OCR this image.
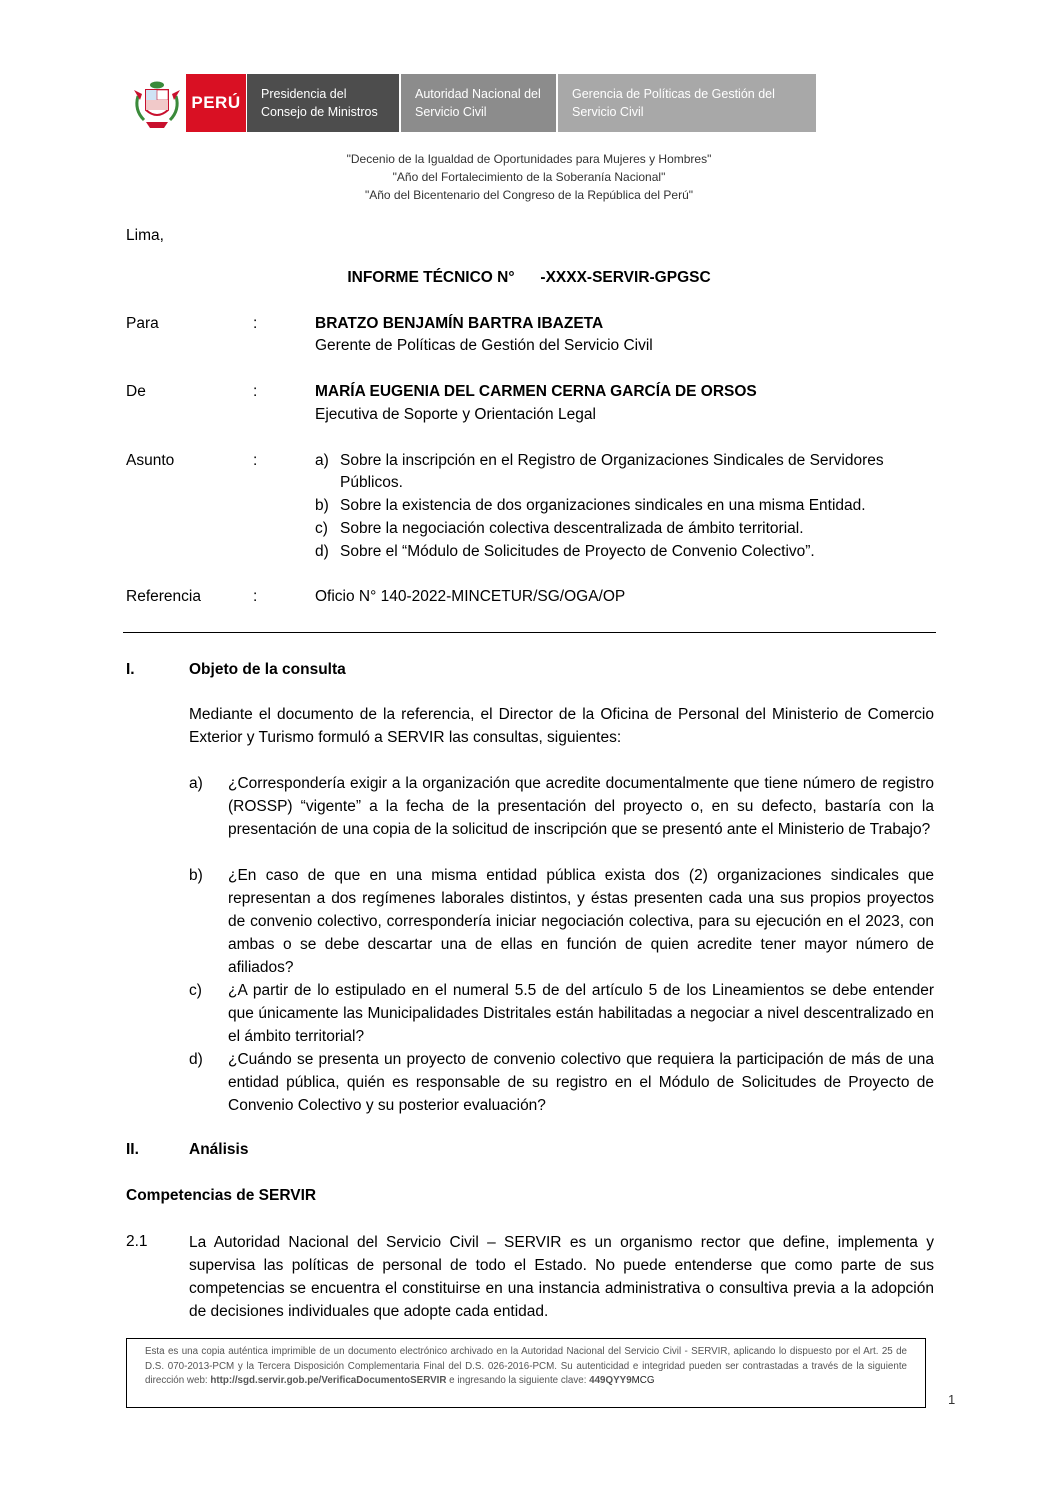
PERÚ	Presidencia del Consejo de Ministros
Autoridad Nacional del Servicio Civil
Gerencia de Políticas de Gestión del Servicio Civil
"Decenio de la Igualdad de Oportunidades para Mujeres y Hombres"
"Año del Fortalecimiento de la Soberanía Nacional"
"Año del Bicentenario del Congreso de la República del Perú"
Lima,
INFORME TÉCNICO N°      -XXXX-SERVIR-GPGSC
Para	:	BRATZO BENJAMÍN BARTRA IBAZETA
Gerente de Políticas de Gestión del Servicio Civil
De	:	MARÍA EUGENIA DEL CARMEN CERNA GARCÍA DE ORSOS
Ejecutiva de Soporte y Orientación Legal
Asunto	:	a) Sobre la inscripción en el Registro de Organizaciones Sindicales de Servidores
Públicos.
b) Sobre la existencia de dos organizaciones sindicales en una misma Entidad.
c) Sobre la negociación colectiva descentralizada de ámbito territorial.
d) Sobre el “Módulo de Solicitudes de Proyecto de Convenio Colectivo”.
Referencia	:	Oficio N° 140-2022-MINCETUR/SG/OGA/OP
I.	Objeto de la consulta
Mediante el documento de la referencia, el Director de la Oficina de Personal del Ministerio de Comercio Exterior y Turismo formuló a SERVIR las consultas, siguientes:
a) ¿Correspondería exigir a la organización que acredite documentalmente que tiene número de registro (ROSSP) “vigente” a la fecha de la presentación del proyecto o, en su defecto, bastaría con la presentación de una copia de la solicitud de inscripción que se presentó ante el Ministerio de Trabajo?
b) ¿En caso de que en una misma entidad pública exista dos (2) organizaciones sindicales que representan a dos regímenes laborales distintos, y éstas presenten cada una sus propios proyectos de convenio colectivo, correspondería iniciar negociación colectiva, para su ejecución en el 2023, con ambas o se debe descartar una de ellas en función de quien acredite tener mayor número de afiliados?
c) ¿A partir de lo estipulado en el numeral 5.5 de del artículo 5 de los Lineamientos se debe entender que únicamente las Municipalidades Distritales están habilitadas a negociar a nivel descentralizado en el ámbito territorial?
d) ¿Cuándo se presenta un proyecto de convenio colectivo que requiera la participación de más de una entidad pública, quién es responsable de su registro en el Módulo de Solicitudes de Proyecto de Convenio Colectivo y su posterior evaluación?
II.	Análisis
Competencias de SERVIR
2.1	La Autoridad Nacional del Servicio Civil – SERVIR es un organismo rector que define, implementa y supervisa las políticas de personal de todo el Estado. No puede entenderse que como parte de sus competencias se encuentra el constituirse en una instancia administrativa o consultiva previa a la adopción de decisiones individuales que adopte cada entidad.
Esta es una copia auténtica imprimible de un documento electrónico archivado en la Autoridad Nacional del Servicio Civil - SERVIR, aplicando lo dispuesto por el Art. 25 de D.S. 070-2013-PCM y la Tercera Disposición Complementaria Final del D.S. 026-2016-PCM. Su autenticidad e integridad pueden ser contrastadas a través de la siguiente dirección web: http://sgd.servir.gob.pe/VerificaDocumentoSERVIR e ingresando la siguiente clave: 449QYY9MCG
1
